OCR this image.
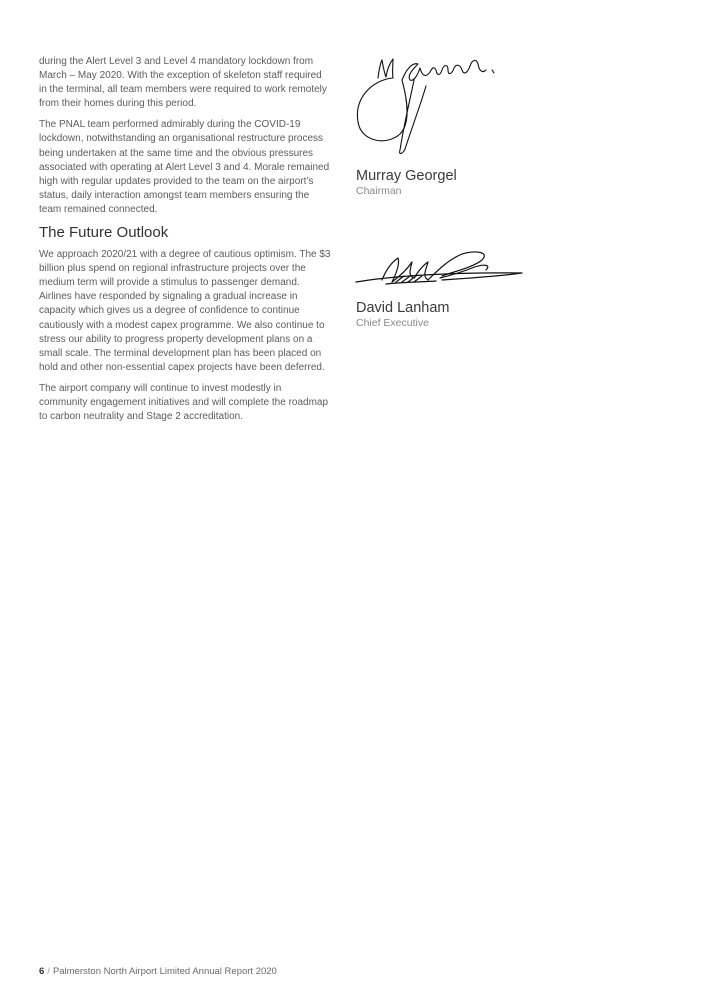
during the Alert Level 3 and Level 4 mandatory lockdown from March – May 2020. With the exception of skeleton staff required in the terminal, all team members were required to work remotely from their homes during this period.

The PNAL team performed admirably during the COVID-19 lockdown, notwithstanding an organisational restructure process being undertaken at the same time and the obvious pressures associated with operating at Alert Level 3 and 4. Morale remained high with regular updates provided to the team on the airport’s status, daily interaction amongst team members ensuring the team remained connected.

The Future Outlook

We approach 2020/21 with a degree of cautious optimism. The $3 billion plus spend on regional infrastructure projects over the medium term will provide a stimulus to passenger demand. Airlines have responded by signaling a gradual increase in capacity which gives us a degree of confidence to continue cautiously with a modest capex programme. We also continue to stress our ability to progress property development plans on a small scale. The terminal development plan has been placed on hold and other non-essential capex projects have been deferred.

The airport company will continue to invest modestly in community engagement initiatives and will complete the roadmap to carbon neutrality and Stage 2 accreditation.

Murray Georgel

Chairman

David Lanham

Chief Executive

6 / Palmerston North Airport Limited Annual Report 2020
